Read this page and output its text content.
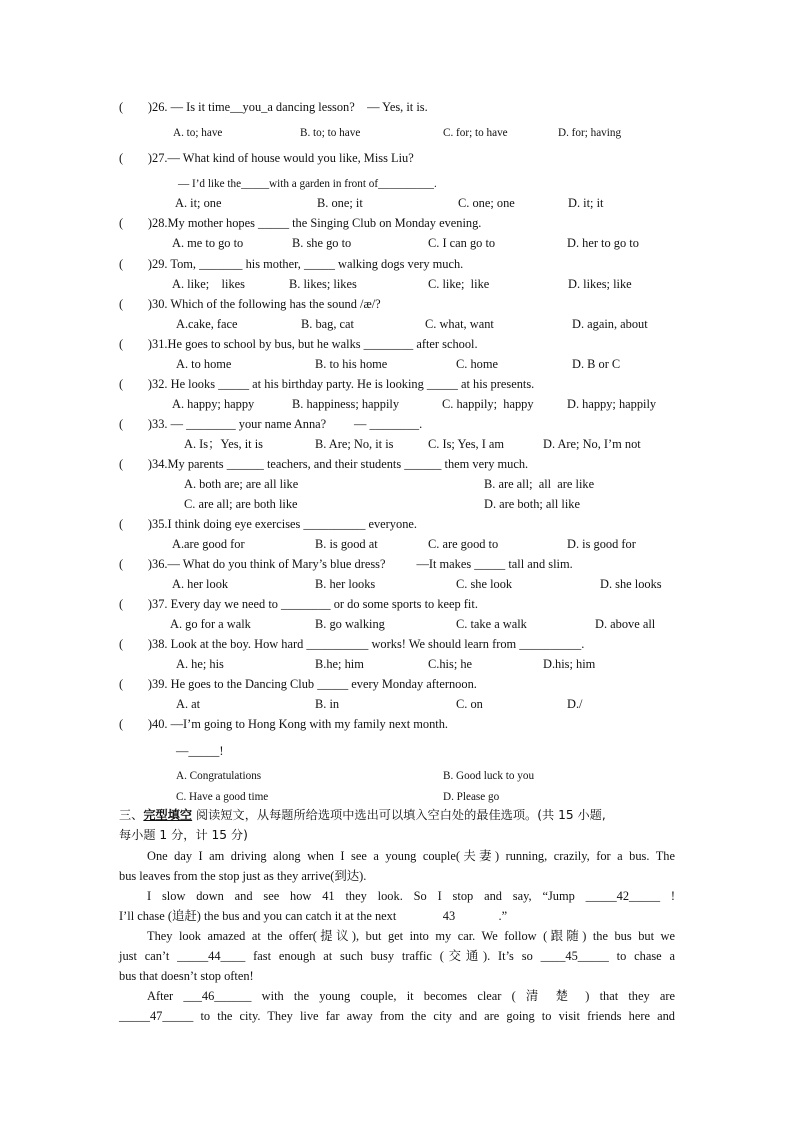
(        )26. — Is it time__you_a dancing lesson?    — Yes, it is.
A. to; have	B. to; to have	C. for; to have	D. for; having
(        )27.— What kind of house would you like, Miss Liu?
— I’d like the_____with a garden in front of__________.
A. it; one	B. one; it	C. one; one	D. it; it
(        )28.My mother hopes _____ the Singing Club on Monday evening.
A. me to go to	B. she go to	C. I can go to	D. her to go to
(        )29. Tom, _______ his mother, _____ walking dogs very much.
A. like;    likes	B. likes; likes	C. like;  like	D. likes; like
(        )30. Which of the following has the sound /æ/?
A.cake, face	B. bag, cat	C. what, want	D. again, about
(        )31.He goes to school by bus, but he walks ________ after school.
A. to home	B. to his home	C. home	D. B or C
(        )32. He looks _____ at his birthday party. He is looking _____ at his presents.
A. happy; happy	B. happiness; happily	C. happily;  happy	D. happy; happily
(        )33. — ________ your name Anna?         — ________.
A. Is；Yes, it is	B. Are; No, it is	C. Is; Yes, I am	D. Are; No, I’m not
(        )34.My parents ______ teachers, and their students ______ them very much.
A. both are; are all like	B. are all;  all  are like
C. are all; are both like	D. are both; all like
(        )35.I think doing eye exercises __________ everyone.
A.are good for	B. is good at	C. are good to	D. is good for
(        )36.— What do you think of Mary’s blue dress?          —It makes _____ tall and slim.
A. her look	B. her looks	C. she look	D. she looks
(        )37. Every day we need to ________ or do some sports to keep fit.
A. go for a walk	B. go walking	C. take a walk	D. above all
(        )38. Look at the boy. How hard __________ works! We should learn from __________.
A. he; his	B.he; him	C.his; he	D.his; him
(        )39. He goes to the Dancing Club _____ every Monday afternoon.
A. at	B. in	C. on	D./
(        )40. —I’m going to Hong Kong with my family next month.
—_____!
A. Congratulations	B. Good luck to you
C. Have a good time	D. Please go
三、完型填空 阅读短文，从每题所给选项中选出可以填入空白处的最佳选项。(共 15 小题,
每小题 1 分，计 15 分)
One day I am driving along when I see a young couple(夫妻) running, crazily, for a bus. The
bus leaves from the stop just as they arrive(到达).
I slow down and see how 41 they look. So I stop and say, “Jump _____42_____ !
I’ll chase (追赶) the bus and you can catch it at the next               43              .”
They look amazed at the offer(提议), but get into my car. We follow (跟随) the bus but we
just can’t _____44____ fast enough at such busy traffic (交通). It’s so ____45_____ to chase a
bus that doesn’t stop often!
After ___46______ with the young couple, it becomes clear ( 清 楚 ) that they are
_____47_____ to the city. They live far away from the city and are going to visit friends here and
